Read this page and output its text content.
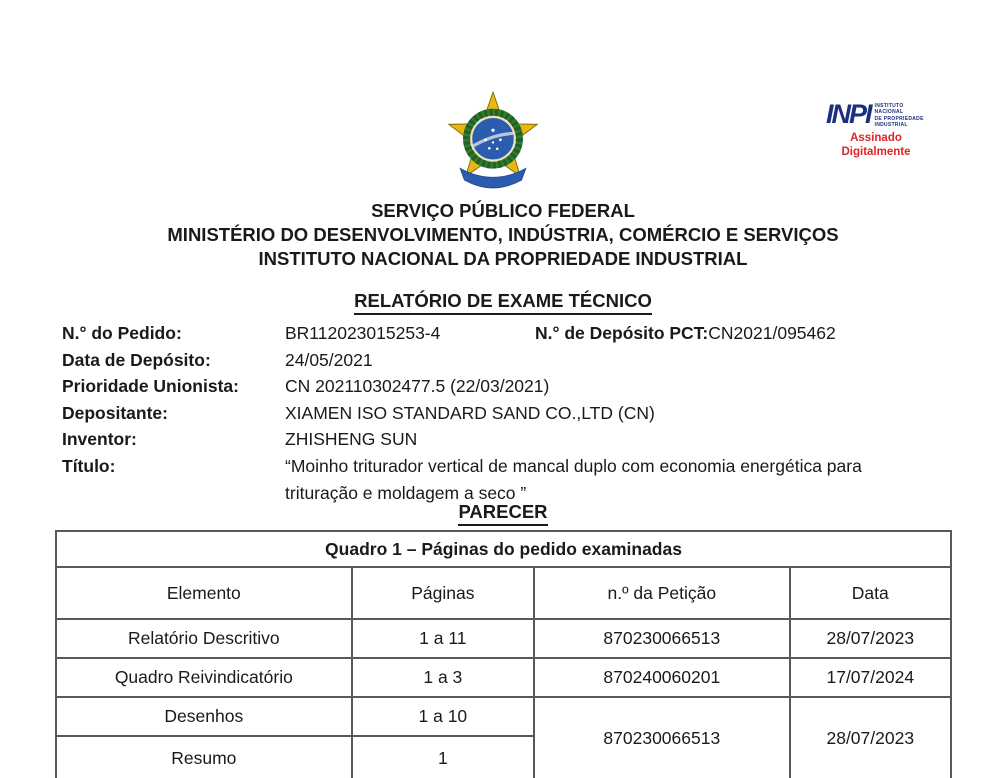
INPI INSTITUTO
NACIONAL
DE PROPRIEDADE
INDUSTRIAL
Assinado
Digitalmente
SERVIÇO PÚBLICO FEDERAL
MINISTÉRIO DO DESENVOLVIMENTO, INDÚSTRIA, COMÉRCIO E SERVIÇOS
INSTITUTO NACIONAL DA PROPRIEDADE INDUSTRIAL
RELATÓRIO DE EXAME TÉCNICO
N.° do Pedido:	BR112023015253-4	N.° de Depósito PCT: CN2021/095462
Data de Depósito:	24/05/2021
Prioridade Unionista:	CN 202110302477.5 (22/03/2021)
Depositante:	XIAMEN ISO STANDARD SAND CO.,LTD (CN)
Inventor:	ZHISHENG SUN
Título:	“Moinho triturador vertical de mancal duplo com economia energética para trituração e moldagem a seco ”
PARECER
Quadro 1 – Páginas do pedido examinadas			
Elemento	Páginas	n.º da Petição	Data
Relatório Descritivo	1 a 11	870230066513	28/07/2023
Quadro Reivindicatório	1 a 3	870240060201	17/07/2024
Desenhos	1 a 10	870230066513	28/07/2023
Resumo	1		
